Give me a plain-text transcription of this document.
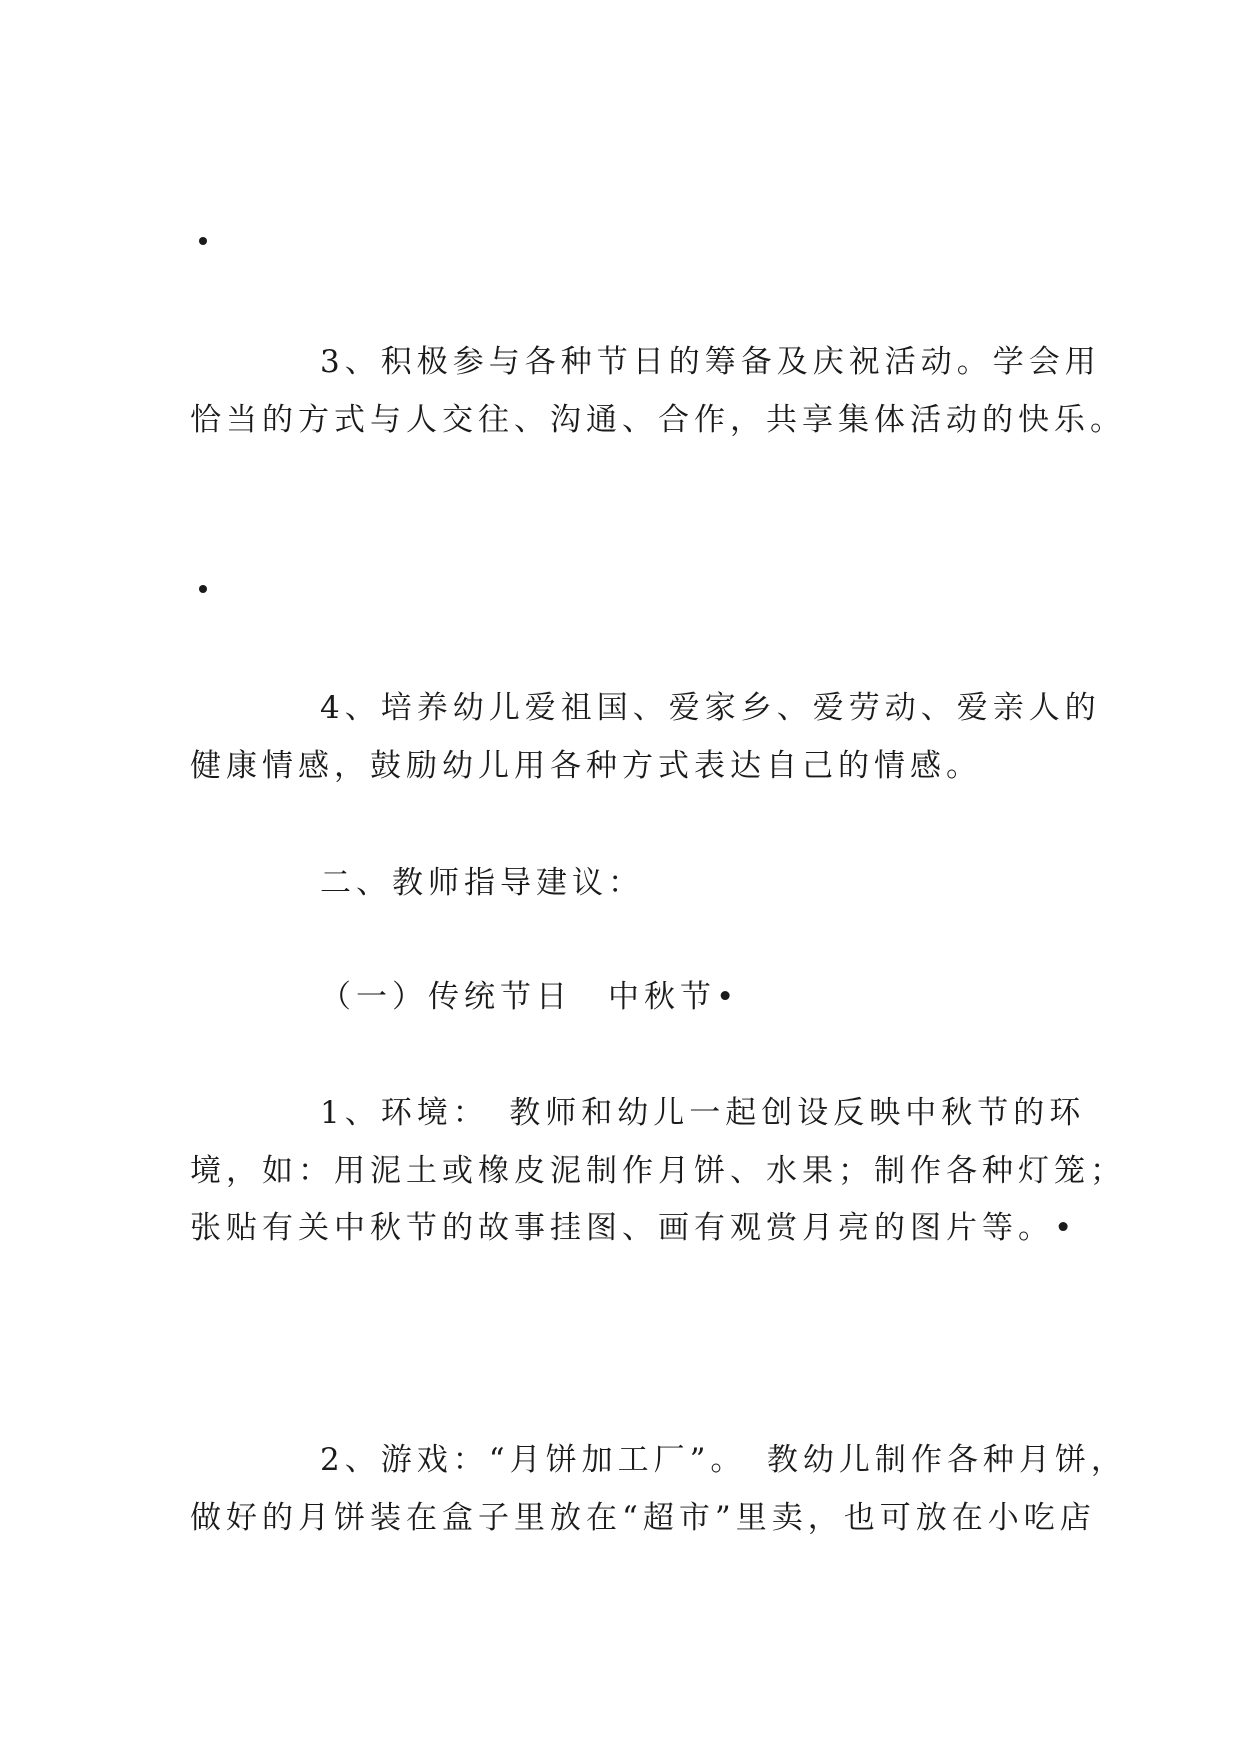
3、积极参与各种节日的筹备及庆祝活动。学会用
恰当的方式与人交往、沟通、合作，共享集体活动的快乐。
4、培养幼儿爱祖国、爱家乡、爱劳动、爱亲人的
健康情感，鼓励幼儿用各种方式表达自己的情感。
二、教师指导建议：
（一）传统节日　中秋节•
1、环境：　教师和幼儿一起创设反映中秋节的环
境，如：用泥土或橡皮泥制作月饼、水果；制作各种灯笼；
张贴有关中秋节的故事挂图、画有观赏月亮的图片等。•
2、游戏：“月饼加工厂”。　教幼儿制作各种月饼，
做好的月饼装在盒子里放在“超市”里卖，也可放在小吃店
